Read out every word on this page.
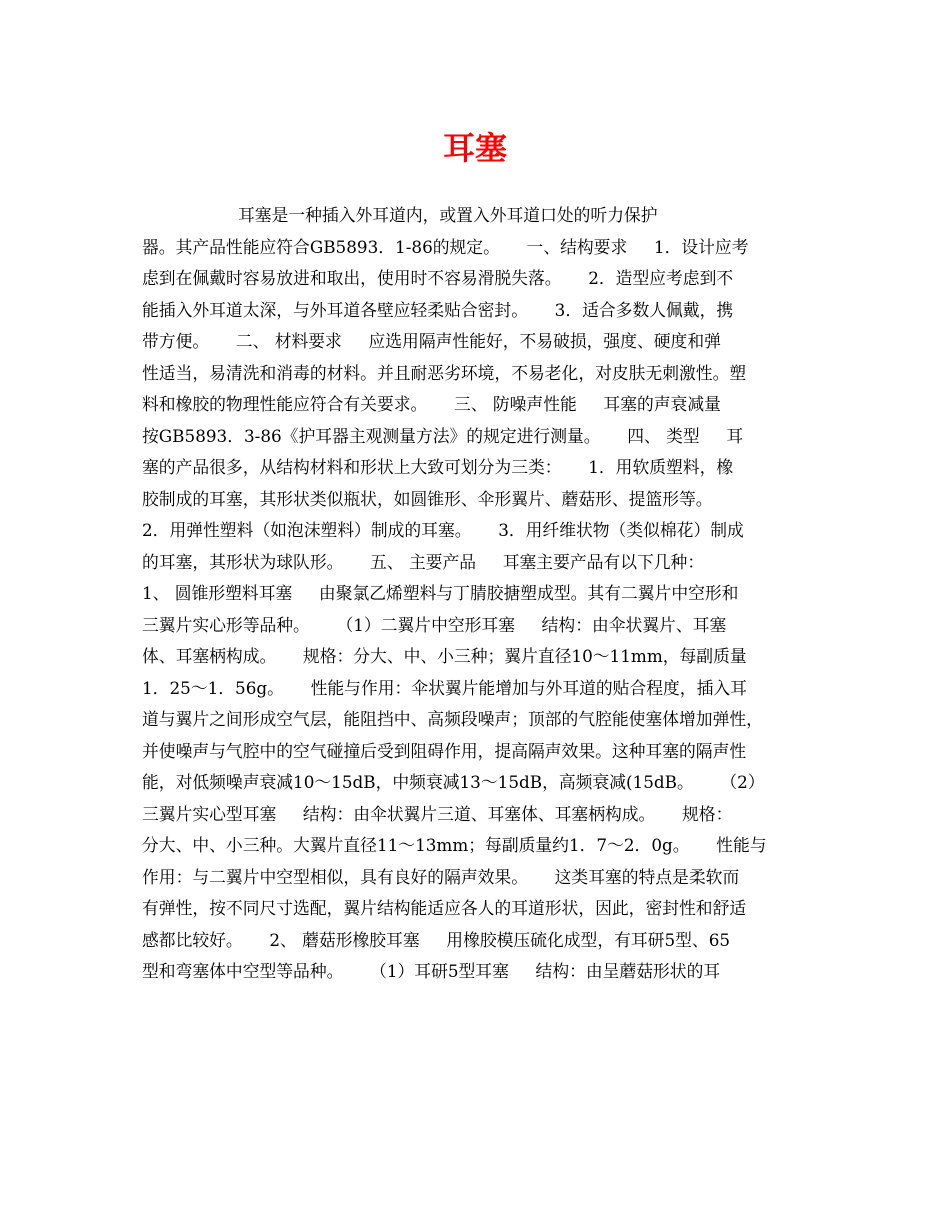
耳塞
耳塞是一种插入外耳道内，或置入外耳道口处的听力保护
器。其产品性能应符合GB5893．1-86的规定。     一、结构要求     1．设计应考
虑到在佩戴时容易放进和取出，使用时不容易滑脱失落。     2．造型应考虑到不
能插入外耳道太深，与外耳道各壁应轻柔贴合密封。     3．适合多数人佩戴，携
带方便。     二、 材料要求     应选用隔声性能好，不易破损，强度、硬度和弹
性适当，易清洗和消毒的材料。并且耐恶劣环境，不易老化，对皮肤无刺激性。塑
料和橡胶的物理性能应符合有关要求。     三、 防噪声性能     耳塞的声衰减量
按GB5893．3-86《护耳器主观测量方法》的规定进行测量。     四、 类型     耳
塞的产品很多，从结构材料和形状上大致可划分为三类：     1．用软质塑料，橡
胶制成的耳塞，其形状类似瓶状，如圆锥形、伞形翼片、蘑菇形、提篮形等。
2．用弹性塑料（如泡沫塑料）制成的耳塞。     3．用纤维状物（类似棉花）制成
的耳塞，其形状为球队形。     五、 主要产品     耳塞主要产品有以下几种：
1、 圆锥形塑料耳塞     由聚氯乙烯塑料与丁腈胶搪塑成型。其有二翼片中空形和
三翼片实心形等品种。     （1）二翼片中空形耳塞     结构：由伞状翼片、耳塞
体、耳塞柄构成。     规格：分大、中、小三种；翼片直径10～11mm，每副质量
1．25～1．56g。     性能与作用：伞状翼片能增加与外耳道的贴合程度，插入耳
道与翼片之间形成空气层，能阻挡中、高频段噪声；顶部的气腔能使塞体增加弹性，
并使噪声与气腔中的空气碰撞后受到阻碍作用，提高隔声效果。这种耳塞的隔声性
能，对低频噪声衰减10～15dB，中频衰减13～15dB，高频衰减(15dB。     （2）
三翼片实心型耳塞     结构：由伞状翼片三道、耳塞体、耳塞柄构成。     规格：
分大、中、小三种。大翼片直径11～13mm；每副质量约1．7～2．0g。     性能与
作用：与二翼片中空型相似，具有良好的隔声效果。     这类耳塞的特点是柔软而
有弹性，按不同尺寸选配，翼片结构能适应各人的耳道形状，因此，密封性和舒适
感都比较好。     2、 蘑菇形橡胶耳塞     用橡胶模压硫化成型，有耳研5型、65
型和弯塞体中空型等品种。     （1）耳研5型耳塞     结构：由呈蘑菇形状的耳
